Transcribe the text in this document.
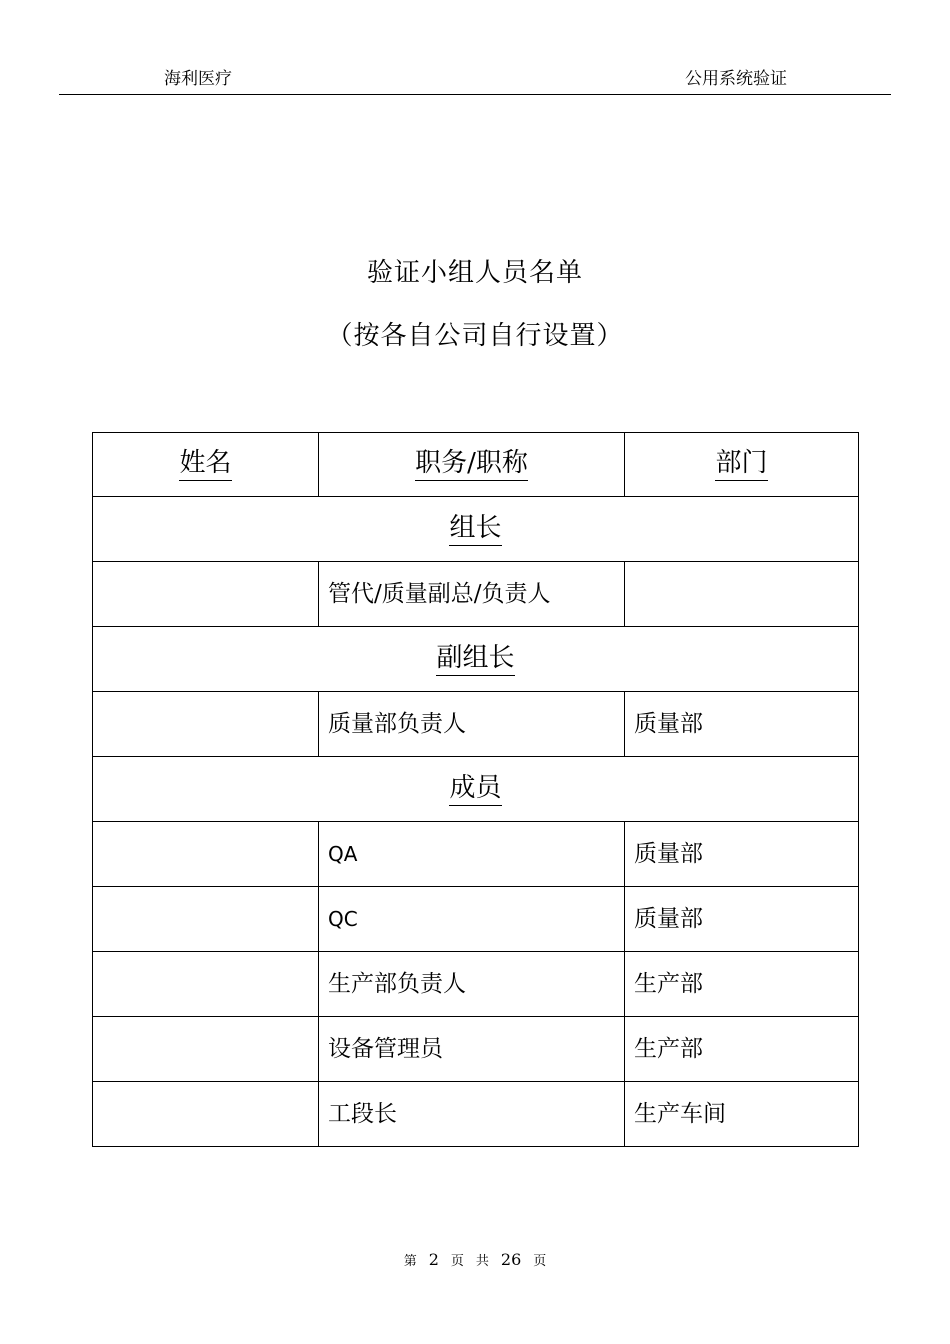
海利医疗	公用系统验证
验证小组人员名单
（按各自公司自行设置）
姓名	职务/职称	部门
组长		
	管代/质量副总/负责人	
副组长		
	质量部负责人	质量部
成员		
	QA	质量部
	QC	质量部
	生产部负责人	生产部
	设备管理员	生产部
	工段长	生产车间
第 2 页 共 26 页
